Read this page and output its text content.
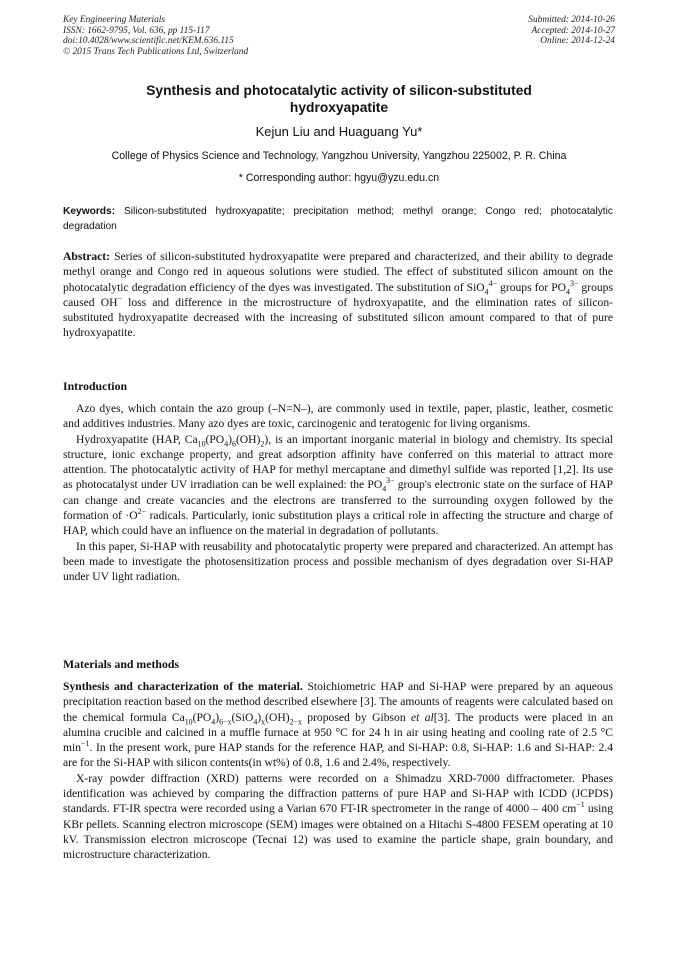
Key Engineering Materials
ISSN: 1662-9795, Vol. 636, pp 115-117
doi:10.4028/www.scientific.net/KEM.636.115
© 2015 Trans Tech Publications Ltd, Switzerland
Submitted: 2014-10-26
Accepted: 2014-10-27
Online: 2014-12-24
Synthesis and photocatalytic activity of silicon-substituted
hydroxyapatite
Kejun Liu and Huaguang Yu*
College of Physics Science and Technology, Yangzhou University, Yangzhou 225002, P. R. China
* Corresponding author: hgyu@yzu.edu.cn
Keywords: Silicon-substituted hydroxyapatite; precipitation method; methyl orange; Congo red; photocatalytic degradation

Abstract: Series of silicon-substituted hydroxyapatite were prepared and characterized, and their ability to degrade methyl orange and Congo red in aqueous solutions were studied. The effect of substituted silicon amount on the photocatalytic degradation efficiency of the dyes was investigated. The substitution of SiO$_4^{4-}$ groups for $PO_4^{3-}$ groups caused OH− loss and difference in the microstructure of hydroxyapatite, and the elimination rates of silicon-substituted hydroxyapatite decreased with the increasing of substituted silicon amount compared to that of pure hydroxyapatite.

Introduction

Azo dyes, which contain the azo group (–N=N–), are commonly used in textile, paper, plastic, leather, cosmetic and additives industries. Many azo dyes are toxic, carcinogenic and teratogenic for living organisms.

Hydroxyapatite (HAP, $Ca_{10}(PO_4)_6(OH)_2$), is an important inorganic material in biology and chemistry. Its special structure, ionic exchange property, and great adsorption affinity have conferred on this material to attract more attention. The photocatalytic activity of HAP for methyl mercaptane and dimethyl sulfide was reported [1,2]. Its use as photocatalyst under UV irradiation can be well explained: the $PO_4^{3-}$ group's electronic state on the surface of HAP can change and create vacancies and the electrons are transferred to the surrounding oxygen followed by the formation of $\cdot O^{2-}$ radicals. Particularly, ionic substitution plays a critical role in affecting the structure and charge of HAP, which could have an influence on the material in degradation of pollutants.

In this paper, Si-HAP with reusability and photocatalytic property were prepared and characterized. An attempt has been made to investigate the photosensitization process and possible mechanism of dyes degradation over Si-HAP under UV light radiation.

Materials and methods

Synthesis and characterization of the material. Stoichiometric HAP and Si-HAP were prepared by an aqueous precipitation reaction based on the method described elsewhere [3]. The amounts of reagents were calculated based on the chemical formula $Ca_{10}(PO_4)_{6-x}(SiO_4)_x(OH)_{2-x}$ proposed by Gibson et al[3]. The products were placed in an alumina crucible and calcined in a muffle furnace at 950 °C for 24 h in air using heating and cooling rate of 2.5 °C $\min^{-1}$. In the present work, pure HAP stands for the reference HAP, and Si-HAP: 0.8, Si-HAP: 1.6 and Si-HAP: 2.4 are for the Si-HAP with silicon contents(in wt%) of 0.8, 1.6 and 2.4%, respectively.

X-ray powder diffraction (XRD) patterns were recorded on a Shimadzu XRD-7000 diffractometer. Phases identification was achieved by comparing the diffraction patterns of pure HAP and Si-HAP with ICDD (JCPDS) standards. FT-IR spectra were recorded using a Varian 670 FT-IR spectrometer in the range of 4000 – 400 $cm^{-1}$ using KBr pellets. Scanning electron microscope (SEM) images were obtained on a Hitachi S-4800 FESEM operating at 10 kV. Transmission electron microscope (Tecnai 12) was used to examine the particle shape, grain boundary, and microstructure characterization.
